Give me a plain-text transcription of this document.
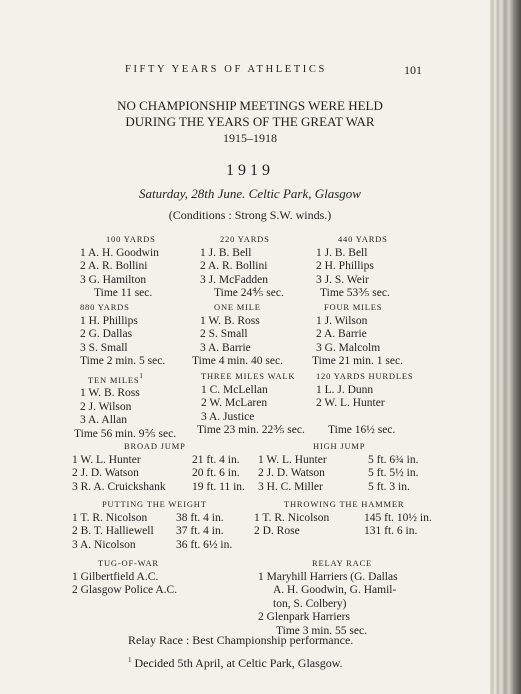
FIFTY YEARS OF ATHLETICS	101
NO CHAMPIONSHIP MEETINGS WERE HELD
DURING THE YEARS OF THE GREAT WAR
1915–1918
1919
Saturday, 28th June. Celtic Park, Glasgow
(Conditions : Strong S.W. winds.)
100 YARDS
1 A. H. Goodwin
2 A. R. Bollini
3 G. Hamilton
Time 11 sec.
220 YARDS
1 J. B. Bell
2 A. R. Bollini
3 J. McFadden
Time 24⅘ sec.
440 YARDS
1 J. B. Bell
2 H. Phillips
3 J. S. Weir
Time 53⅗ sec.
880 YARDS
1 H. Phillips
2 G. Dallas
3 S. Small
Time 2 min. 5 sec.
ONE MILE
1 W. B. Ross
2 S. Small
3 A. Barrie
Time 4 min. 40 sec.
FOUR MILES
1 J. Wilson
2 A. Barrie
3 G. Malcolm
Time 21 min. 1 sec.
TEN MILES$^1$
1 W. B. Ross
2 J. Wilson
3 A. Allan
Time 56 min. 9⅖ sec.
THREE MILES WALK
1 C. McLellan
2 W. McLaren
3 A. Justice
Time 23 min. 22⅗ sec.
120 YARDS HURDLES
1 L. J. Dunn
2 W. L. Hunter
Time 16½ sec.
BROAD JUMP
1 W. L. Hunter	21 ft. 4 in.
2 J. D. Watson	20 ft. 6 in.
3 R. A. Cruickshank	19 ft. 11 in.
HIGH JUMP
1 W. L. Hunter	5 ft. 6¾ in.
2 J. D. Watson	5 ft. 5½ in.
3 H. C. Miller	5 ft. 3 in.
PUTTING THE WEIGHT
1 T. R. Nicolson	38 ft. 4 in.
2 B. T. Halliewell	37 ft. 4 in.
3 A. Nicolson	36 ft. 6½ in.
THROWING THE HAMMER
1 T. R. Nicolson	145 ft. 10½ in.
2 D. Rose	131 ft. 6 in.
TUG-OF-WAR
1 Gilbertfield A.C.
2 Glasgow Police A.C.
RELAY RACE
1 Maryhill Harriers (G. Dallas
A. H. Goodwin, G. Hamil-
ton, S. Colbery)
2 Glenpark Harriers
Time 3 min. 55 sec.
Relay Race : Best Championship performance.
$^1$ Decided 5th April, at Celtic Park, Glasgow.
